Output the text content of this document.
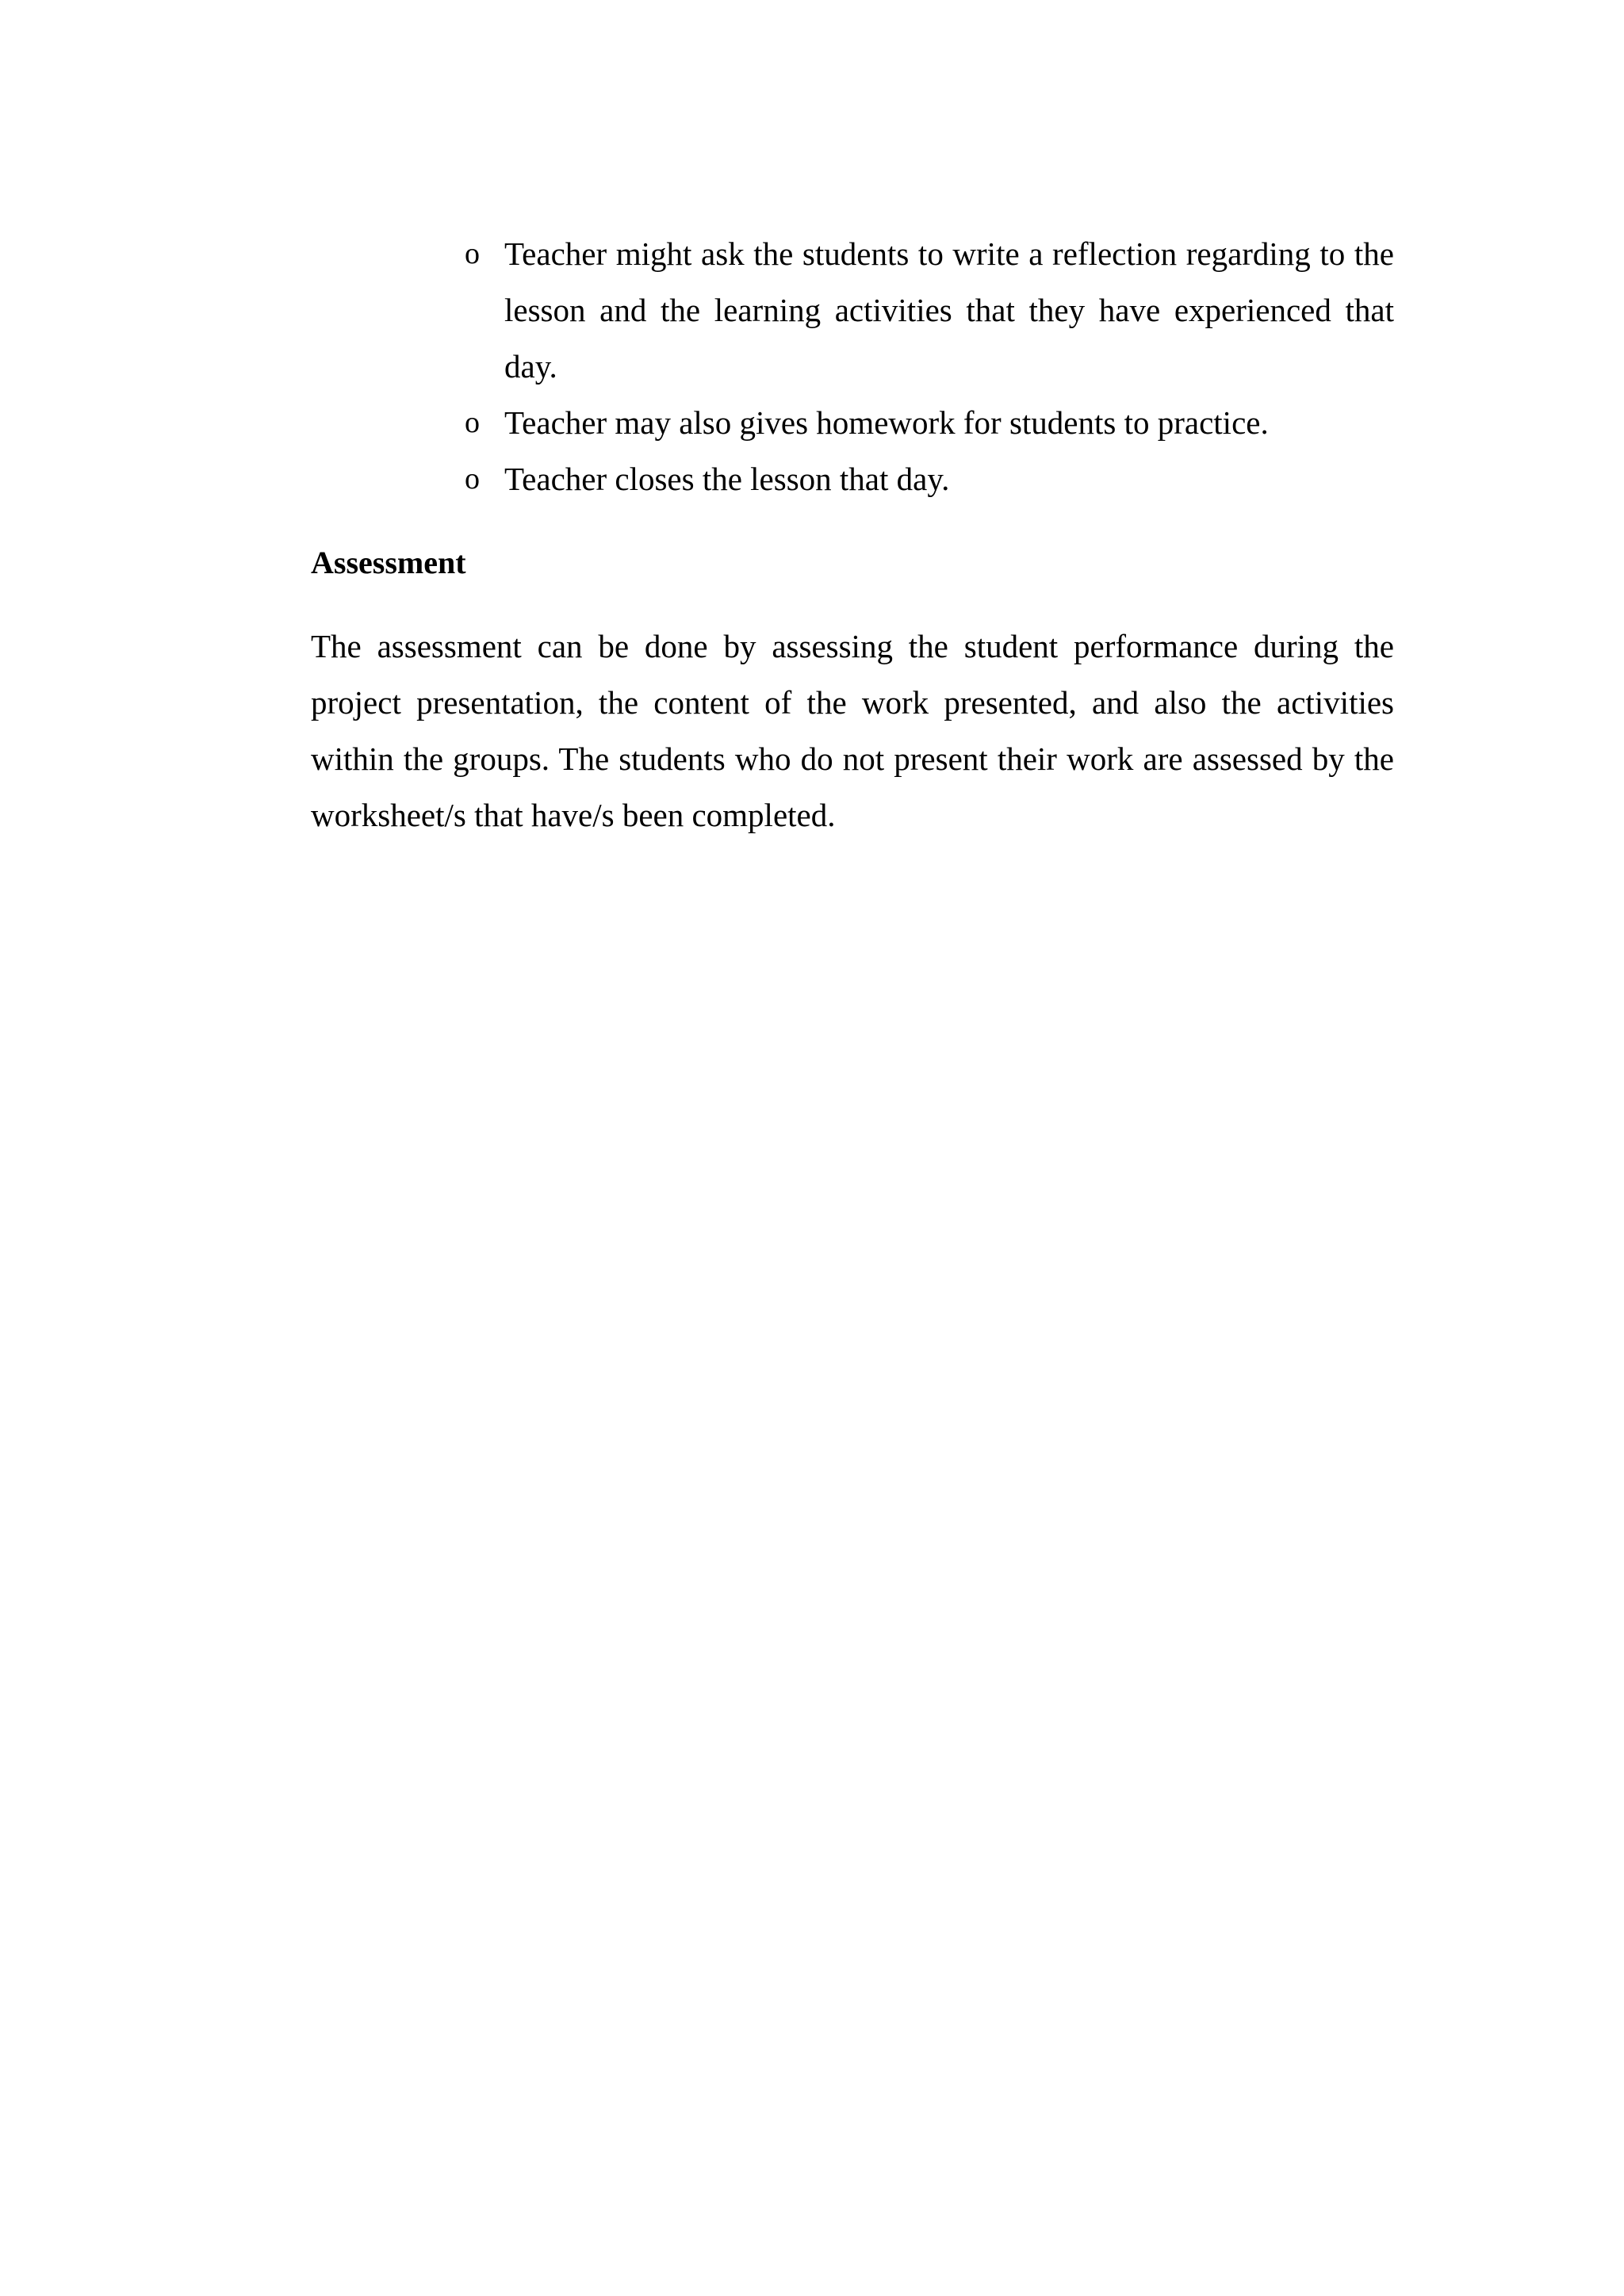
o Teacher might ask the students to write a reflection regarding to the lesson and the learning activities that they have experienced that day.
o Teacher may also gives homework for students to practice.
o Teacher closes the lesson that day.
Assessment

The assessment can be done by assessing the student performance during the project presentation, the content of the work presented, and also the activities within the groups. The students who do not present their work are assessed by the worksheet/s that have/s been completed.
